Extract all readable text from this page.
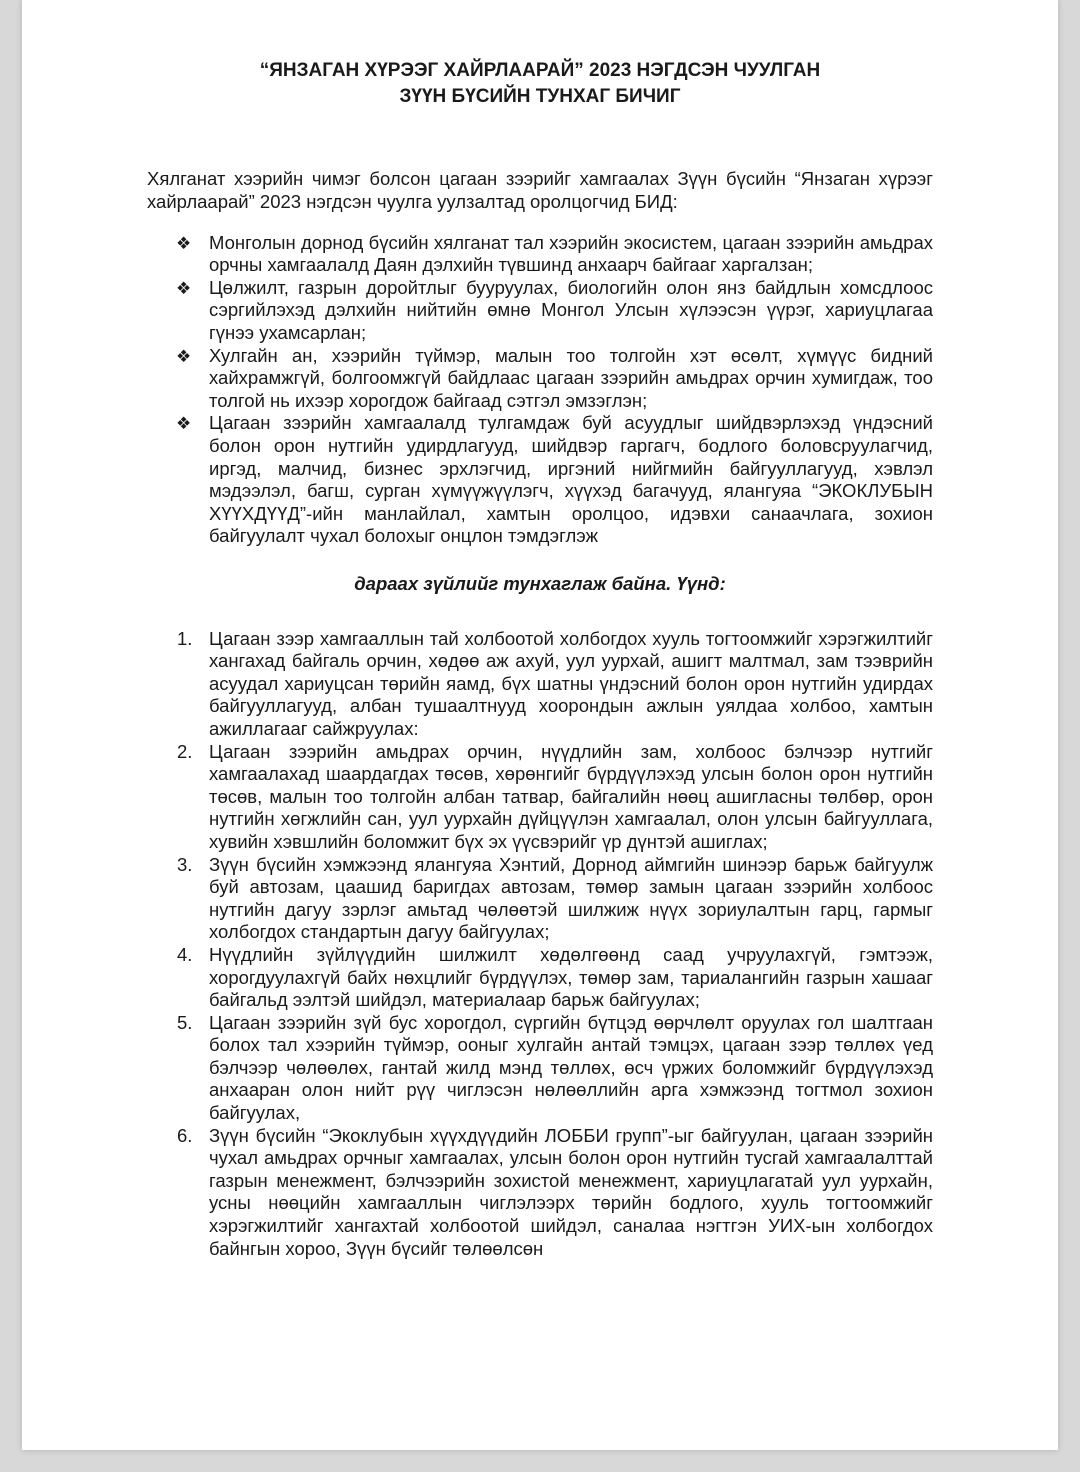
“ЯНЗАГАН ХҮРЭЭГ ХАЙРЛААРАЙ” 2023 НЭГДСЭН ЧУУЛГАН
ЗҮҮН БҮСИЙН ТУНХАГ БИЧИГ

Хялганат хээрийн чимэг болсон цагаан зээрийг хамгаалах Зүүн бүсийн “Янзаган хүрээг хайрлаарай” 2023 нэгдсэн чуулга уулзалтад оролцогчид БИД:

❖ Монголын дорнод бүсийн хялганат тал хээрийн экосистем, цагаан зээрийн амьдрах орчны хамгаалалд Даян дэлхийн түвшинд анхаарч байгааг харгалзан;
❖ Цөлжилт, газрын доройтлыг бууруулах, биологийн олон янз байдлын хомсдлоос сэргийлэхэд дэлхийн нийтийн өмнө Монгол Улсын хүлээсэн үүрэг, хариуцлагаа гүнээ ухамсарлан;
❖ Хулгайн ан, хээрийн түймэр, малын тоо толгойн хэт өсөлт, хүмүүс бидний хайхрамжгүй, болгоомжгүй байдлаас цагаан зээрийн амьдрах орчин хумигдаж, тоо толгой нь ихээр хорогдож байгаад сэтгэл эмзэглэн;
❖ Цагаан зээрийн хамгаалалд тулгамдаж буй асуудлыг шийдвэрлэхэд үндэсний болон орон нутгийн удирдлагууд, шийдвэр гаргагч, бодлого боловсруулагчид, иргэд, малчид, бизнес эрхлэгчид, иргэний нийгмийн байгууллагууд, хэвлэл мэдээлэл, багш, сурган хүмүүжүүлэгч, хүүхэд багачууд, ялангуяа “ЭКОКЛУБЫН ХҮҮХДҮҮД”-ийн манлайлал, хамтын оролцоо, идэвхи санаачлага, зохион байгуулалт чухал болохыг онцлон тэмдэглэж

дараах зүйлийг тунхаглаж байна. Үүнд:

1. Цагаан зээр хамгааллын тай холбоотой холбогдох хууль тогтоомжийг хэрэгжилтийг хангахад байгаль орчин, хөдөө аж ахуй, уул уурхай, ашигт малтмал, зам тээврийн асуудал хариуцсан төрийн яамд, бүх шатны үндэсний болон орон нутгийн удирдах байгууллагууд, албан тушаалтнууд хоорондын ажлын уялдаа холбоо, хамтын ажиллагааг сайжруулах:
2. Цагаан зээрийн амьдрах орчин, нүүдлийн зам, холбоос бэлчээр нутгийг хамгаалахад шаардагдах төсөв, хөрөнгийг бүрдүүлэхэд улсын болон орон нутгийн төсөв, малын тоо толгойн албан татвар, байгалийн нөөц ашигласны төлбөр, орон нутгийн хөгжлийн сан, уул уурхайн дүйцүүлэн хамгаалал, олон улсын байгууллага, хувийн хэвшлийн боломжит бүх эх үүсвэрийг үр дүнтэй ашиглах;
3. Зүүн бүсийн хэмжээнд ялангуяа Хэнтий, Дорнод аймгийн шинээр барьж байгуулж буй автозам, цаашид баригдах автозам, төмөр замын цагаан зээрийн холбоос нутгийн дагуу зэрлэг амьтад чөлөөтэй шилжиж нүүх зориулалтын гарц, гармыг холбогдох стандартын дагуу байгуулах;
4. Нүүдлийн зүйлүүдийн шилжилт хөдөлгөөнд саад учруулахгүй, гэмтээж, хорогдуулахгүй байх нөхцлийг бүрдүүлэх, төмөр зам, тариалангийн газрын хашааг байгальд ээлтэй шийдэл, материалаар барьж байгуулах;
5. Цагаан зээрийн зүй бус хорогдол, сүргийн бүтцэд өөрчлөлт оруулах гол шалтгаан болох тал хээрийн түймэр, ооныг хулгайн антай тэмцэх, цагаан зээр төллөх үед бэлчээр чөлөөлөх, гантай жилд мэнд төллөх, өсч үржих боломжийг бүрдүүлэхэд анхааран олон нийт рүү чиглэсэн нөлөөллийн арга хэмжээнд тогтмол зохион байгуулах,
6. Зүүн бүсийн “Экоклубын хүүхдүүдийн ЛОББИ групп”-ыг байгуулан, цагаан зээрийн чухал амьдрах орчныг хамгаалах, улсын болон орон нутгийн тусгай хамгаалалттай газрын менежмент, бэлчээрийн зохистой менежмент, хариуцлагатай уул уурхайн, усны нөөцийн хамгааллын чиглэлээрх төрийн бодлого, хууль тогтоомжийг хэрэгжилтийг хангахтай холбоотой шийдэл, саналаа нэгтгэн УИХ-ын холбогдох байнгын хороо, Зүүн бүсийг төлөөлсөн
